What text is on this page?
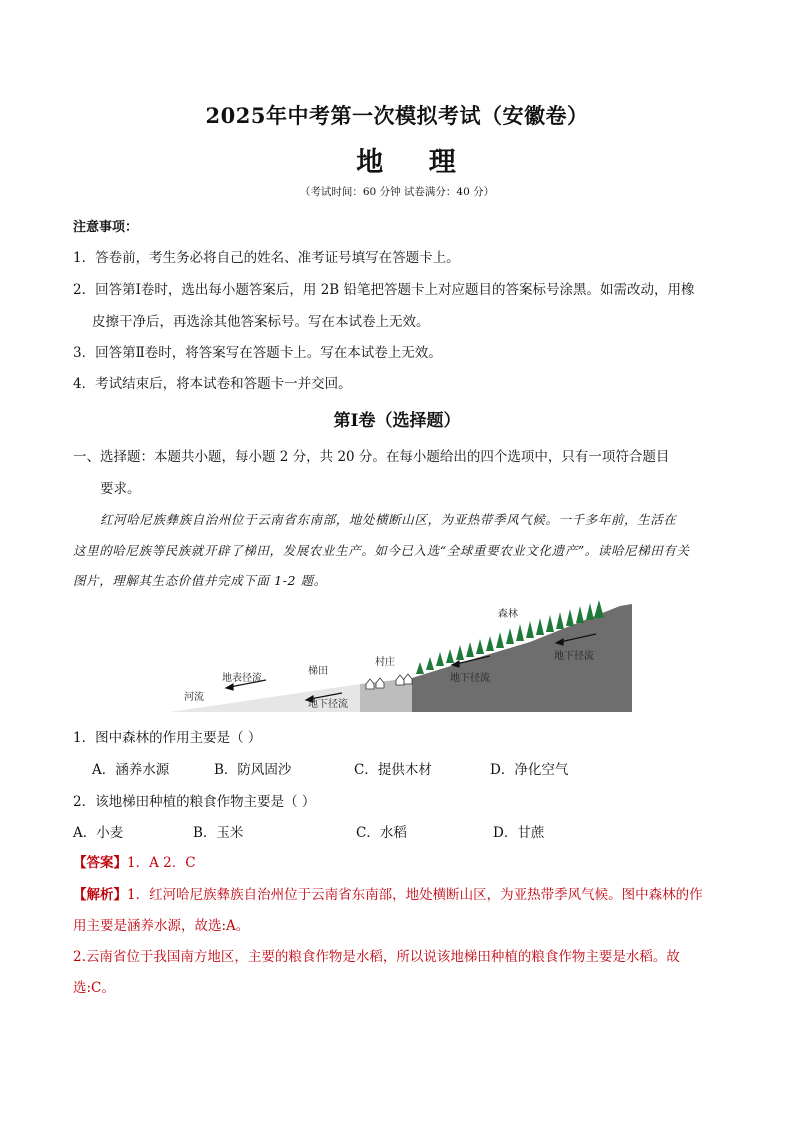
2025年中考第一次模拟考试（安徽卷）
地 理
（考试时间：60 分钟 试卷满分：40 分）
注意事项：
1．答卷前，考生务必将自己的姓名、准考证号填写在答题卡上。
2．回答第Ⅰ卷时，选出每小题答案后，用 2B 铅笔把答题卡上对应题目的答案标号涂黑。如需改动，用橡
皮擦干净后，再选涂其他答案标号。写在本试卷上无效。
3．回答第Ⅱ卷时，将答案写在答题卡上。写在本试卷上无效。
4．考试结束后，将本试卷和答题卡一并交回。
第Ⅰ卷（选择题）
一、选择题：本题共小题，每小题 2 分，共 20 分。在每小题给出的四个选项中，只有一项符合题目
要求。
红河哈尼族彝族自治州位于云南省东南部，地处横断山区，为亚热带季风气候。一千多年前，生活在
这里的哈尼族等民族就开辟了梯田，发展农业生产。如今已入选“全球重要农业文化遗产”。读哈尼梯田有关
图片，理解其生态价值并完成下面 1-2 题。
森林
地下径流
村庄
地下径流
梯田
地表径流
河流
地下径流
1．图中森林的作用主要是（ ）
A．涵养水源	B．防风固沙	C．提供木材	D．净化空气
2．该地梯田种植的粮食作物主要是（ ）
A．小麦	B．玉米	C．水稻	D．甘蔗
【答案】1．A 2．C
【解析】1．红河哈尼族彝族自治州位于云南省东南部，地处横断山区，为亚热带季风气候。图中森林的作
用主要是涵养水源，故选:A。
2.云南省位于我国南方地区，主要的粮食作物是水稻，所以说该地梯田种植的粮食作物主要是水稻。故
选:C。
